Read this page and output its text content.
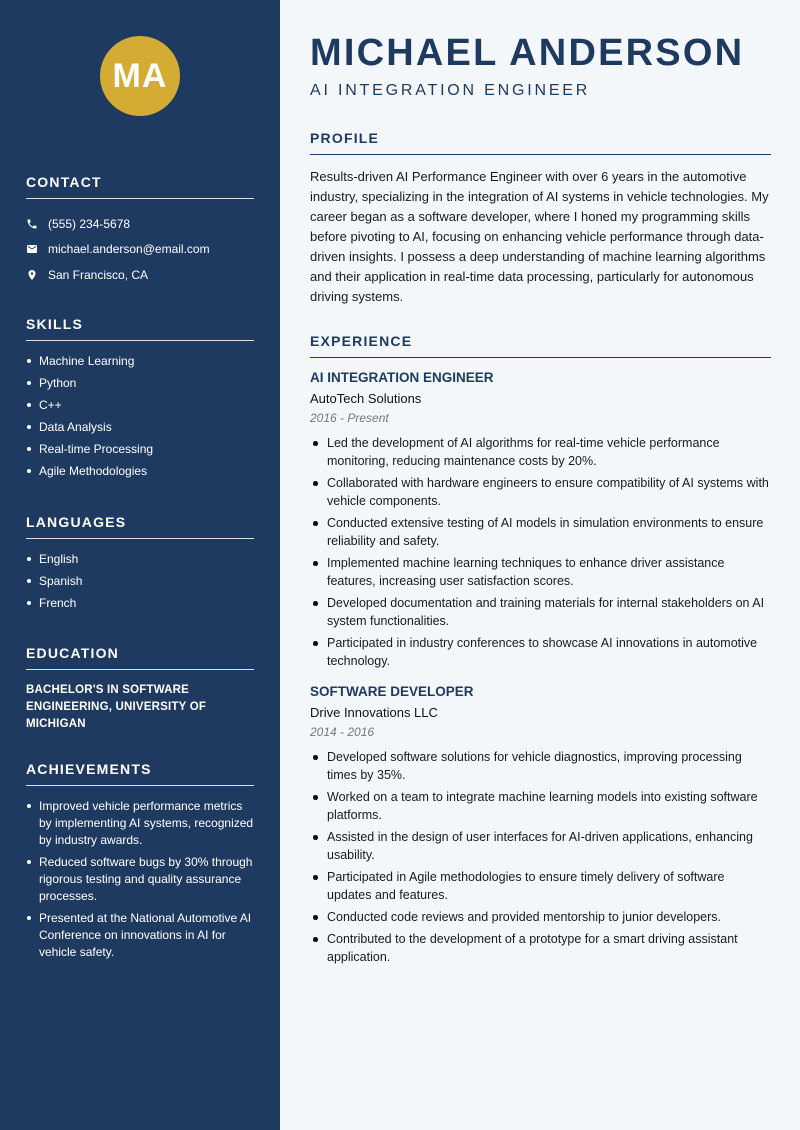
MA
CONTACT
(555) 234-5678
michael.anderson@email.com
San Francisco, CA
SKILLS
Machine Learning
Python
C++
Data Analysis
Real-time Processing
Agile Methodologies
LANGUAGES
English
Spanish
French
EDUCATION
BACHELOR'S IN SOFTWARE ENGINEERING, UNIVERSITY OF MICHIGAN
ACHIEVEMENTS
Improved vehicle performance metrics by implementing AI systems, recognized by industry awards.
Reduced software bugs by 30% through rigorous testing and quality assurance processes.
Presented at the National Automotive AI Conference on innovations in AI for vehicle safety.
MICHAEL ANDERSON
AI INTEGRATION ENGINEER
PROFILE

Results-driven AI Performance Engineer with over 6 years in the automotive industry, specializing in the integration of AI systems in vehicle technologies. My career began as a software developer, where I honed my programming skills before pivoting to AI, focusing on enhancing vehicle performance through data-driven insights. I possess a deep understanding of machine learning algorithms and their application in real-time data processing, particularly for autonomous driving systems.

EXPERIENCE
AI INTEGRATION ENGINEER
AutoTech Solutions
2016 - Present
Led the development of AI algorithms for real-time vehicle performance monitoring, reducing maintenance costs by 20%.
Collaborated with hardware engineers to ensure compatibility of AI systems with vehicle components.
Conducted extensive testing of AI models in simulation environments to ensure reliability and safety.
Implemented machine learning techniques to enhance driver assistance features, increasing user satisfaction scores.
Developed documentation and training materials for internal stakeholders on AI system functionalities.
Participated in industry conferences to showcase AI innovations in automotive technology.
SOFTWARE DEVELOPER
Drive Innovations LLC
2014 - 2016
Developed software solutions for vehicle diagnostics, improving processing times by 35%.
Worked on a team to integrate machine learning models into existing software platforms.
Assisted in the design of user interfaces for AI-driven applications, enhancing usability.
Participated in Agile methodologies to ensure timely delivery of software updates and features.
Conducted code reviews and provided mentorship to junior developers.
Contributed to the development of a prototype for a smart driving assistant application.
